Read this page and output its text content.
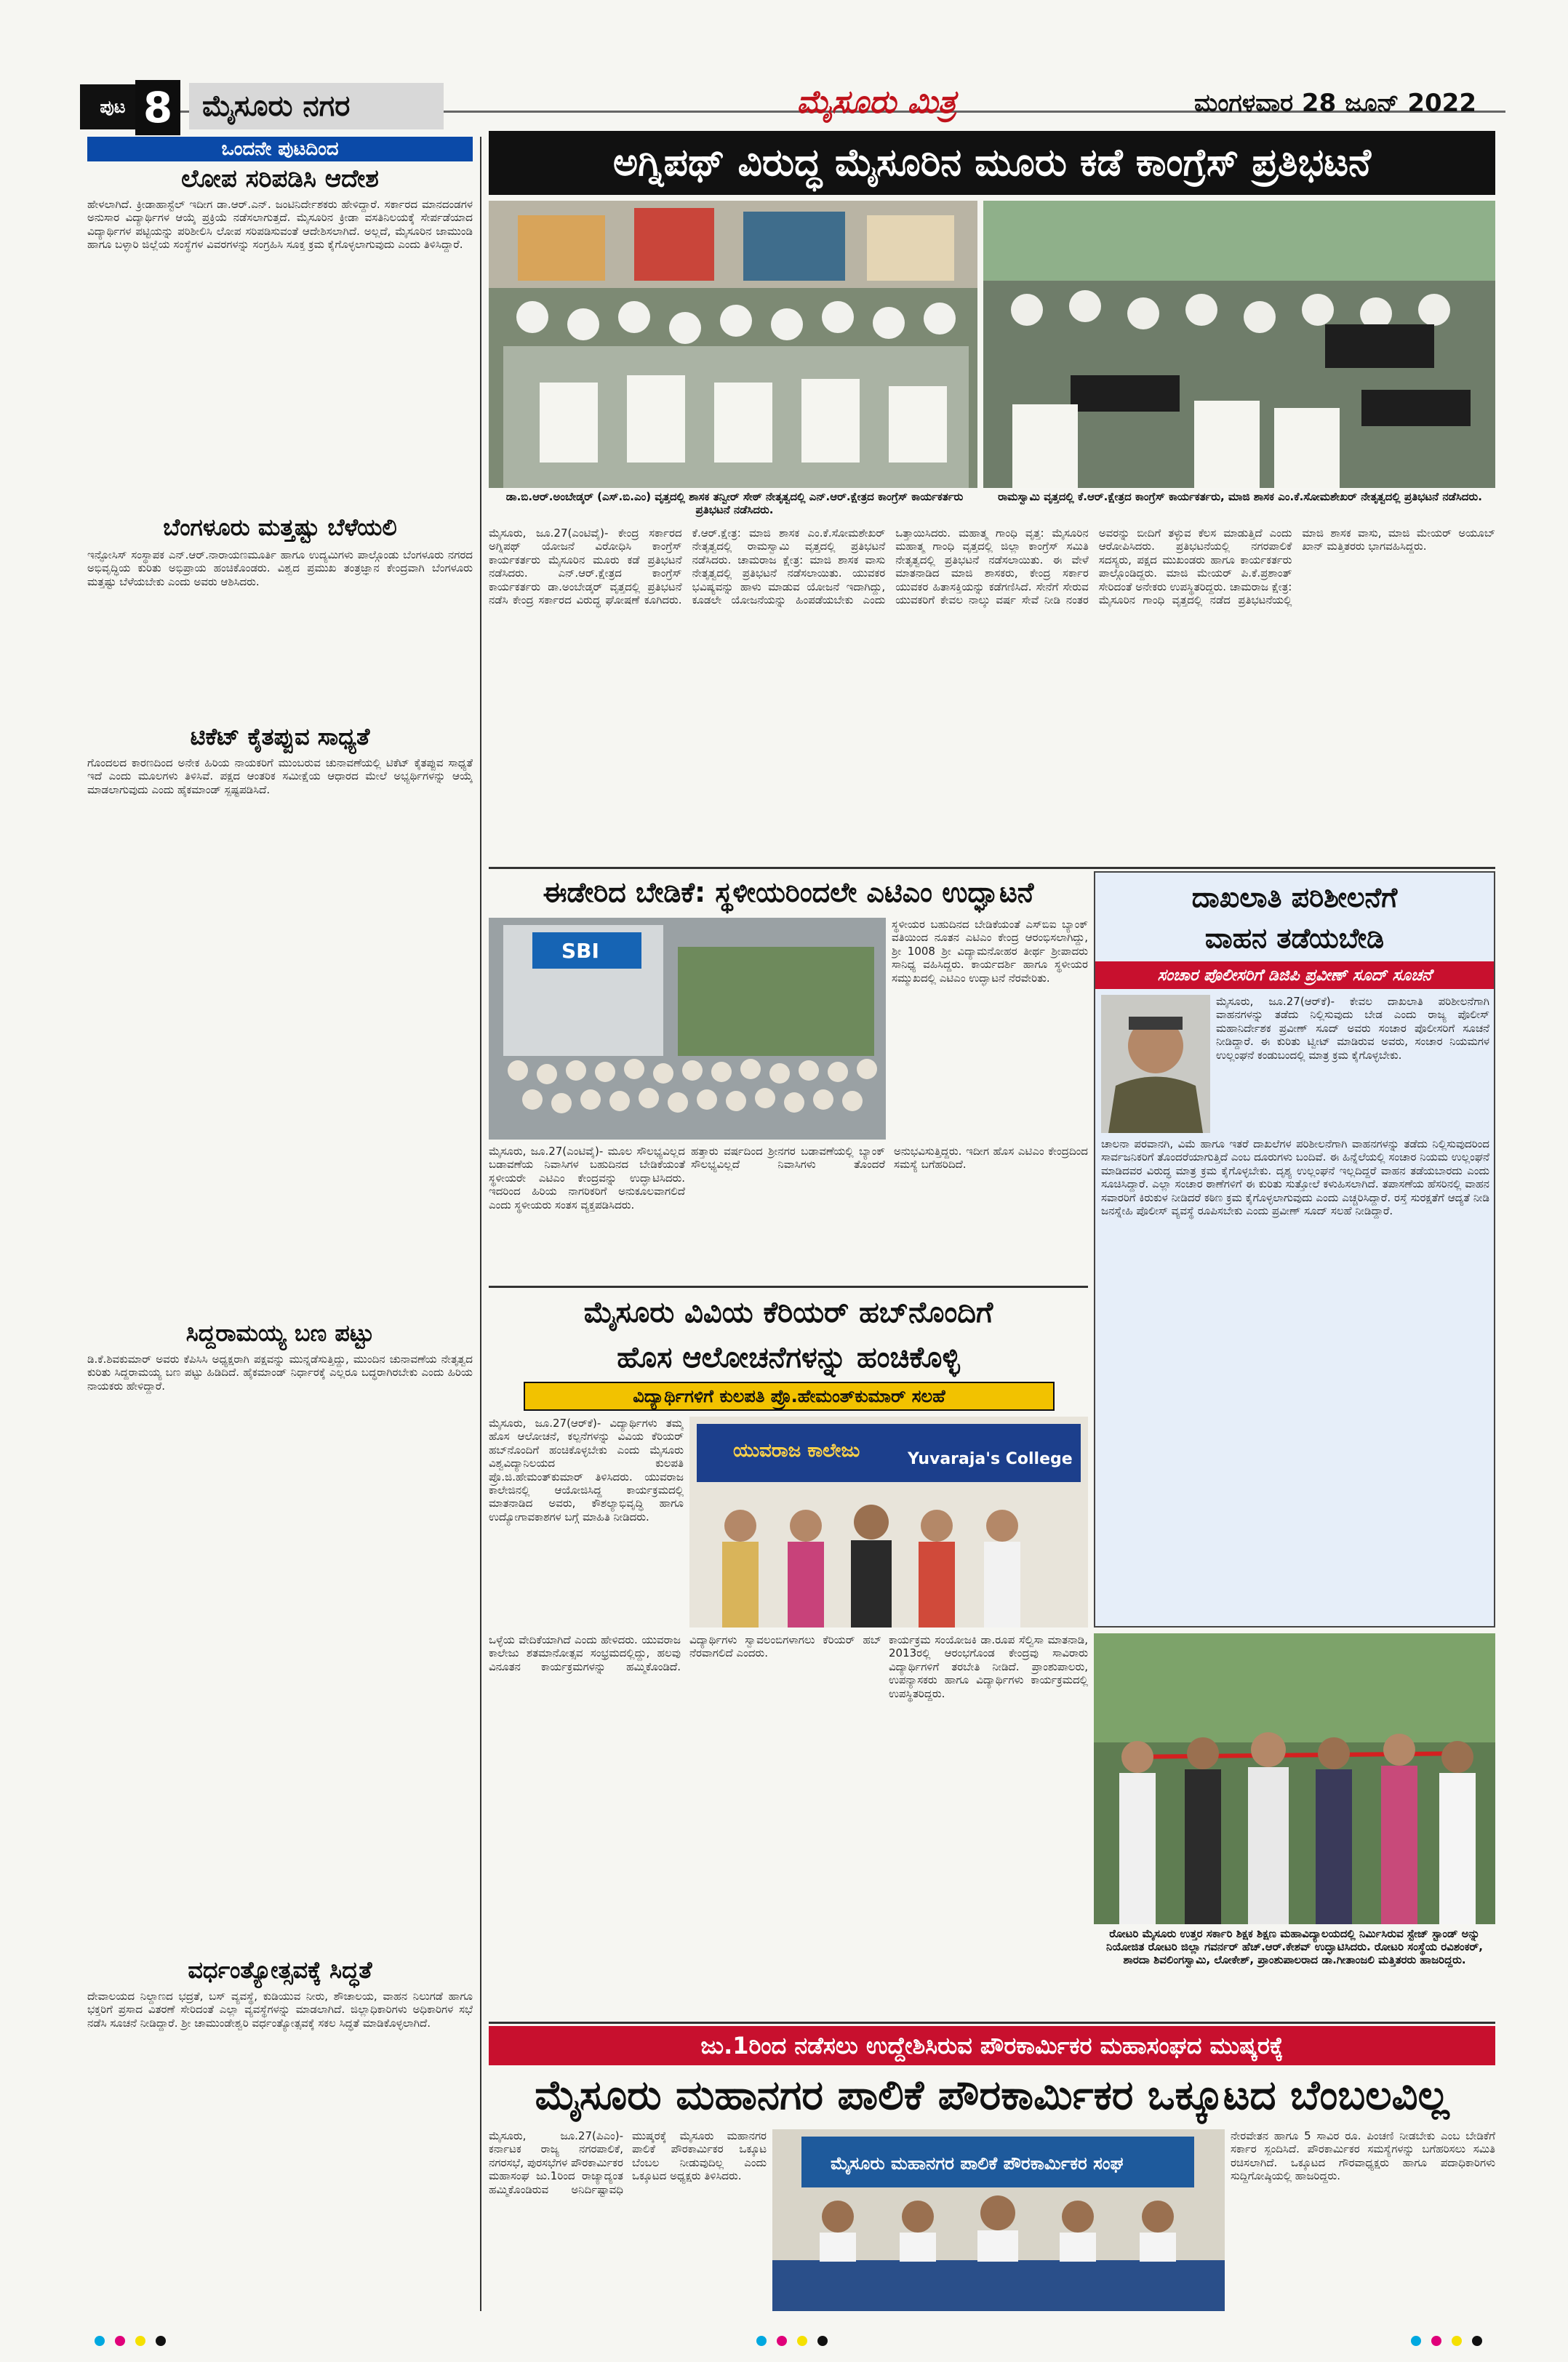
ಪುಟ 8	ಮೈಸೂರು ನಗರ	ಮೈಸೂರು ಮಿತ್ರ	ಮಂಗಳವಾರ 28 ಜೂನ್ 2022
ಒಂದನೇ ಪುಟದಿಂದ
ಲೋಪ ಸರಿಪಡಿಸಿ ಆದೇಶ
ಹೇಳಲಾಗಿದೆ. ಕ್ರೀಡಾಹಾಸ್ಟೆಲ್ ಇದೀಗ ಡಾ.ಆರ್.ಎನ್. ಜಂಟಿನಿರ್ದೇಶಕರು ಹೇಳಿದ್ದಾರೆ. ಸರ್ಕಾರದ ಮಾನದಂಡಗಳ ಅನುಸಾರ ವಿದ್ಯಾರ್ಥಿಗಳ ಆಯ್ಕೆ ಪ್ರಕ್ರಿಯೆ ನಡೆಸಲಾಗುತ್ತದೆ. ಮೈಸೂರಿನ ಕ್ರೀಡಾ ವಸತಿನಿಲಯಕ್ಕೆ ಸೇರ್ಪಡೆಯಾದ ವಿದ್ಯಾರ್ಥಿಗಳ ಪಟ್ಟಿಯನ್ನು ಪರಿಶೀಲಿಸಿ ಲೋಪ ಸರಿಪಡಿಸುವಂತೆ ಆದೇಶಿಸಲಾಗಿದೆ. ಅಲ್ಲದೆ, ಮೈಸೂರಿನ ಜಾಮುಂಡಿ ಹಾಗೂ ಬಳ್ಳಾರಿ ಜಿಲ್ಲೆಯ ಸಂಸ್ಥೆಗಳ ವಿವರಗಳನ್ನು ಸಂಗ್ರಹಿಸಿ ಸೂಕ್ತ ಕ್ರಮ ಕೈಗೊಳ್ಳಲಾಗುವುದು ಎಂದು ತಿಳಿಸಿದ್ದಾರೆ.
ಬೆಂಗಳೂರು ಮತ್ತಷ್ಟು ಬೆಳೆಯಲಿ
ಇನ್ಫೋಸಿಸ್ ಸಂಸ್ಥಾಪಕ ಎನ್.ಆರ್.ನಾರಾಯಣಮೂರ್ತಿ ಹಾಗೂ ಉದ್ಯಮಿಗಳು ಪಾಲ್ಗೊಂಡು ಬೆಂಗಳೂರು ನಗರದ ಅಭಿವೃದ್ಧಿಯ ಕುರಿತು ಅಭಿಪ್ರಾಯ ಹಂಚಿಕೊಂಡರು. ವಿಶ್ವದ ಪ್ರಮುಖ ತಂತ್ರಜ್ಞಾನ ಕೇಂದ್ರವಾಗಿ ಬೆಂಗಳೂರು ಮತ್ತಷ್ಟು ಬೆಳೆಯಬೇಕು ಎಂದು ಅವರು ಆಶಿಸಿದರು.
ಟಿಕೆಟ್ ಕೈತಪ್ಪುವ ಸಾಧ್ಯತೆ
ಗೊಂದಲದ ಕಾರಣದಿಂದ ಅನೇಕ ಹಿರಿಯ ನಾಯಕರಿಗೆ ಮುಂಬರುವ ಚುನಾವಣೆಯಲ್ಲಿ ಟಿಕೆಟ್ ಕೈತಪ್ಪುವ ಸಾಧ್ಯತೆ ಇದೆ ಎಂದು ಮೂಲಗಳು ತಿಳಿಸಿವೆ. ಪಕ್ಷದ ಆಂತರಿಕ ಸಮೀಕ್ಷೆಯ ಆಧಾರದ ಮೇಲೆ ಅಭ್ಯರ್ಥಿಗಳನ್ನು ಆಯ್ಕೆ ಮಾಡಲಾಗುವುದು ಎಂದು ಹೈಕಮಾಂಡ್ ಸ್ಪಷ್ಟಪಡಿಸಿದೆ.
ಸಿದ್ದರಾಮಯ್ಯ ಬಣ ಪಟ್ಟು
ಡಿ.ಕೆ.ಶಿವಕುಮಾರ್ ಅವರು ಕೆಪಿಸಿಸಿ ಅಧ್ಯಕ್ಷರಾಗಿ ಪಕ್ಷವನ್ನು ಮುನ್ನಡೆಸುತ್ತಿದ್ದು, ಮುಂದಿನ ಚುನಾವಣೆಯ ನೇತೃತ್ವದ ಕುರಿತು ಸಿದ್ದರಾಮಯ್ಯ ಬಣ ಪಟ್ಟು ಹಿಡಿದಿದೆ. ಹೈಕಮಾಂಡ್ ನಿರ್ಧಾರಕ್ಕೆ ಎಲ್ಲರೂ ಬದ್ಧರಾಗಿರಬೇಕು ಎಂದು ಹಿರಿಯ ನಾಯಕರು ಹೇಳಿದ್ದಾರೆ.
ವರ್ಧಂತ್ಯೋತ್ಸವಕ್ಕೆ ಸಿದ್ಧತೆ
ದೇವಾಲಯದ ನಿಲ್ದಾಣದ ಭದ್ರತೆ, ಬಸ್ ವ್ಯವಸ್ಥೆ, ಕುಡಿಯುವ ನೀರು, ಶೌಚಾಲಯ, ವಾಹನ ನಿಲುಗಡೆ ಹಾಗೂ ಭಕ್ತರಿಗೆ ಪ್ರಸಾದ ವಿತರಣೆ ಸೇರಿದಂತೆ ಎಲ್ಲಾ ವ್ಯವಸ್ಥೆಗಳನ್ನು ಮಾಡಲಾಗಿದೆ. ಜಿಲ್ಲಾಧಿಕಾರಿಗಳು ಅಧಿಕಾರಿಗಳ ಸಭೆ ನಡೆಸಿ ಸೂಚನೆ ನೀಡಿದ್ದಾರೆ. ಶ್ರೀ ಚಾಮುಂಡೇಶ್ವರಿ ವರ್ಧಂತ್ಯೋತ್ಸವಕ್ಕೆ ಸಕಲ ಸಿದ್ಧತೆ ಮಾಡಿಕೊಳ್ಳಲಾಗಿದೆ.
ಅಗ್ನಿಪಥ್ ವಿರುದ್ಧ ಮೈಸೂರಿನ ಮೂರು ಕಡೆ ಕಾಂಗ್ರೆಸ್ ಪ್ರತಿಭಟನೆ
ಡಾ.ಬಿ.ಆರ್.ಅಂಬೇಡ್ಕರ್ (ಎಸ್.ಬಿ.ಎಂ) ವೃತ್ತದಲ್ಲಿ ಶಾಸಕ ತನ್ವೀರ್ ಸೇಠ್ ನೇತೃತ್ವದಲ್ಲಿ ಎನ್.ಆರ್.ಕ್ಷೇತ್ರದ ಕಾಂಗ್ರೆಸ್ ಕಾರ್ಯಕರ್ತರು ಪ್ರತಿಭಟನೆ ನಡೆಸಿದರು.
ರಾಮಸ್ವಾಮಿ ವೃತ್ತದಲ್ಲಿ ಕೆ.ಆರ್.ಕ್ಷೇತ್ರದ ಕಾಂಗ್ರೆಸ್ ಕಾರ್ಯಕರ್ತರು, ಮಾಜಿ ಶಾಸಕ ಎಂ.ಕೆ.ಸೋಮಶೇಖರ್ ನೇತೃತ್ವದಲ್ಲಿ ಪ್ರತಿಭಟನೆ ನಡೆಸಿದರು.
ಮೈಸೂರು, ಜೂ.27(ಎಂಟಿವೈ)- ಕೇಂದ್ರ ಸರ್ಕಾರದ ಅಗ್ನಿಪಥ್ ಯೋಜನೆ ವಿರೋಧಿಸಿ ಕಾಂಗ್ರೆಸ್ ಕಾರ್ಯಕರ್ತರು ಮೈಸೂರಿನ ಮೂರು ಕಡೆ ಪ್ರತಿಭಟನೆ ನಡೆಸಿದರು. ಎನ್.ಆರ್.ಕ್ಷೇತ್ರದ ಕಾಂಗ್ರೆಸ್ ಕಾರ್ಯಕರ್ತರು ಡಾ.ಅಂಬೇಡ್ಕರ್ ವೃತ್ತದಲ್ಲಿ ಪ್ರತಿಭಟನೆ ನಡೆಸಿ ಕೇಂದ್ರ ಸರ್ಕಾರದ ವಿರುದ್ಧ ಘೋಷಣೆ ಕೂಗಿದರು. ಕೆ.ಆರ್.ಕ್ಷೇತ್ರ: ಮಾಜಿ ಶಾಸಕ ಎಂ.ಕೆ.ಸೋಮಶೇಖರ್ ನೇತೃತ್ವದಲ್ಲಿ ರಾಮಸ್ವಾಮಿ ವೃತ್ತದಲ್ಲಿ ಪ್ರತಿಭಟನೆ ನಡೆಸಿದರು. ಚಾಮರಾಜ ಕ್ಷೇತ್ರ: ಮಾಜಿ ಶಾಸಕ ವಾಸು ನೇತೃತ್ವದಲ್ಲಿ ಪ್ರತಿಭಟನೆ ನಡೆಸಲಾಯಿತು. ಯುವಕರ ಭವಿಷ್ಯವನ್ನು ಹಾಳು ಮಾಡುವ ಯೋಜನೆ ಇದಾಗಿದ್ದು, ಕೂಡಲೇ ಯೋಜನೆಯನ್ನು ಹಿಂಪಡೆಯಬೇಕು ಎಂದು ಒತ್ತಾಯಿಸಿದರು. ಮಹಾತ್ಮ ಗಾಂಧಿ ವೃತ್ತ: ಮೈಸೂರಿನ ಮಹಾತ್ಮ ಗಾಂಧಿ ವೃತ್ತದಲ್ಲಿ ಜಿಲ್ಲಾ ಕಾಂಗ್ರೆಸ್ ಸಮಿತಿ ನೇತೃತ್ವದಲ್ಲಿ ಪ್ರತಿಭಟನೆ ನಡೆಸಲಾಯಿತು. ಈ ವೇಳೆ ಮಾತನಾಡಿದ ಮಾಜಿ ಶಾಸಕರು, ಕೇಂದ್ರ ಸರ್ಕಾರ ಯುವಕರ ಹಿತಾಸಕ್ತಿಯನ್ನು ಕಡೆಗಣಿಸಿದೆ. ಸೇನೆಗೆ ಸೇರುವ ಯುವಕರಿಗೆ ಕೇವಲ ನಾಲ್ಕು ವರ್ಷ ಸೇವೆ ನೀಡಿ ನಂತರ ಅವರನ್ನು ಬೀದಿಗೆ ತಳ್ಳುವ ಕೆಲಸ ಮಾಡುತ್ತಿದೆ ಎಂದು ಆರೋಪಿಸಿದರು. ಪ್ರತಿಭಟನೆಯಲ್ಲಿ ನಗರಪಾಲಿಕೆ ಸದಸ್ಯರು, ಪಕ್ಷದ ಮುಖಂಡರು ಹಾಗೂ ಕಾರ್ಯಕರ್ತರು ಪಾಲ್ಗೊಂಡಿದ್ದರು. ಮಾಜಿ ಮೇಯರ್ ಪಿ.ಕೆ.ಪ್ರಶಾಂತ್ ಸೇರಿದಂತೆ ಅನೇಕರು ಉಪಸ್ಥಿತರಿದ್ದರು. ಚಾಮರಾಜ ಕ್ಷೇತ್ರ: ಮೈಸೂರಿನ ಗಾಂಧಿ ವೃತ್ತದಲ್ಲಿ ನಡೆದ ಪ್ರತಿಭಟನೆಯಲ್ಲಿ ಮಾಜಿ ಶಾಸಕ ವಾಸು, ಮಾಜಿ ಮೇಯರ್ ಅಯೂಬ್ ಖಾನ್ ಮತ್ತಿತರರು ಭಾಗವಹಿಸಿದ್ದರು.
ಈಡೇರಿದ ಬೇಡಿಕೆ: ಸ್ಥಳೀಯರಿಂದಲೇ ಎಟಿಎಂ ಉದ್ಘಾಟನೆ
SBI
ಸ್ಥಳೀಯರ ಬಹುದಿನದ ಬೇಡಿಕೆಯಂತೆ ಎಸ್‌ಬಿಐ ಬ್ಯಾಂಕ್ ವತಿಯಿಂದ ನೂತನ ಎಟಿಎಂ ಕೇಂದ್ರ ಆರಂಭಿಸಲಾಗಿದ್ದು, ಶ್ರೀ 1008 ಶ್ರೀ ವಿದ್ಯಾಮನೋಹರ ತೀರ್ಥ ಶ್ರೀಪಾದರು ಸಾನಿಧ್ಯ ವಹಿಸಿದ್ದರು. ಕಾರ್ಯದರ್ಶಿ ಹಾಗೂ ಸ್ಥಳೀಯರ ಸಮ್ಮುಖದಲ್ಲಿ ಎಟಿಎಂ ಉದ್ಘಾಟನೆ ನೆರವೇರಿತು.
ಮೈಸೂರು, ಜೂ.27(ಎಂಟಿವೈ)- ಮೂಲ ಸೌಲಭ್ಯವಿಲ್ಲದ ಬಡಾವಣೆಯ ನಿವಾಸಿಗಳ ಬಹುದಿನದ ಬೇಡಿಕೆಯಂತೆ ಸ್ಥಳೀಯರೇ ಎಟಿಎಂ ಕೇಂದ್ರವನ್ನು ಉದ್ಘಾಟಿಸಿದರು. ಇದರಿಂದ ಹಿರಿಯ ನಾಗರಿಕರಿಗೆ ಅನುಕೂಲವಾಗಲಿದೆ ಎಂದು ಸ್ಥಳೀಯರು ಸಂತಸ ವ್ಯಕ್ತಪಡಿಸಿದರು.
ಹತ್ತಾರು ವರ್ಷದಿಂದ ಶ್ರೀನಗರ ಬಡಾವಣೆಯಲ್ಲಿ ಬ್ಯಾಂಕ್ ಸೌಲಭ್ಯವಿಲ್ಲದೆ ನಿವಾಸಿಗಳು ತೊಂದರೆ ಅನುಭವಿಸುತ್ತಿದ್ದರು. ಇದೀಗ ಹೊಸ ಎಟಿಎಂ ಕೇಂದ್ರದಿಂದ ಸಮಸ್ಯೆ ಬಗೆಹರಿದಿದೆ.
ದಾಖಲಾತಿ ಪರಿಶೀಲನೆಗೆ
ವಾಹನ ತಡೆಯಬೇಡಿ
ಸಂಚಾರ ಪೊಲೀಸರಿಗೆ ಡಿಜಿಪಿ ಪ್ರವೀಣ್ ಸೂದ್ ಸೂಚನೆ
ಮೈಸೂರು, ಜೂ.27(ಆರ್‌ಕೆ)- ಕೇವಲ ದಾಖಲಾತಿ ಪರಿಶೀಲನೆಗಾಗಿ ವಾಹನಗಳನ್ನು ತಡೆದು ನಿಲ್ಲಿಸುವುದು ಬೇಡ ಎಂದು ರಾಜ್ಯ ಪೊಲೀಸ್ ಮಹಾನಿರ್ದೇಶಕ ಪ್ರವೀಣ್ ಸೂದ್ ಅವರು ಸಂಚಾರ ಪೊಲೀಸರಿಗೆ ಸೂಚನೆ ನೀಡಿದ್ದಾರೆ. ಈ ಕುರಿತು ಟ್ವೀಟ್ ಮಾಡಿರುವ ಅವರು, ಸಂಚಾರ ನಿಯಮಗಳ ಉಲ್ಲಂಘನೆ ಕಂಡುಬಂದಲ್ಲಿ ಮಾತ್ರ ಕ್ರಮ ಕೈಗೊಳ್ಳಬೇಕು.
ಚಾಲನಾ ಪರವಾನಗಿ, ವಿಮೆ ಹಾಗೂ ಇತರೆ ದಾಖಲೆಗಳ ಪರಿಶೀಲನೆಗಾಗಿ ವಾಹನಗಳನ್ನು ತಡೆದು ನಿಲ್ಲಿಸುವುದರಿಂದ ಸಾರ್ವಜನಿಕರಿಗೆ ತೊಂದರೆಯಾಗುತ್ತಿದೆ ಎಂಬ ದೂರುಗಳು ಬಂದಿವೆ. ಈ ಹಿನ್ನೆಲೆಯಲ್ಲಿ ಸಂಚಾರ ನಿಯಮ ಉಲ್ಲಂಘನೆ ಮಾಡಿದವರ ವಿರುದ್ಧ ಮಾತ್ರ ಕ್ರಮ ಕೈಗೊಳ್ಳಬೇಕು. ದೃಶ್ಯ ಉಲ್ಲಂಘನೆ ಇಲ್ಲದಿದ್ದರೆ ವಾಹನ ತಡೆಯಬಾರದು ಎಂದು ಸೂಚಿಸಿದ್ದಾರೆ. ಎಲ್ಲಾ ಸಂಚಾರ ಠಾಣೆಗಳಿಗೆ ಈ ಕುರಿತು ಸುತ್ತೋಲೆ ಕಳುಹಿಸಲಾಗಿದೆ. ತಪಾಸಣೆಯ ಹೆಸರಿನಲ್ಲಿ ವಾಹನ ಸವಾರರಿಗೆ ಕಿರುಕುಳ ನೀಡಿದರೆ ಕಠಿಣ ಕ್ರಮ ಕೈಗೊಳ್ಳಲಾಗುವುದು ಎಂದು ಎಚ್ಚರಿಸಿದ್ದಾರೆ. ರಸ್ತೆ ಸುರಕ್ಷತೆಗೆ ಆದ್ಯತೆ ನೀಡಿ ಜನಸ್ನೇಹಿ ಪೊಲೀಸ್ ವ್ಯವಸ್ಥೆ ರೂಪಿಸಬೇಕು ಎಂದು ಪ್ರವೀಣ್ ಸೂದ್ ಸಲಹೆ ನೀಡಿದ್ದಾರೆ.
ಮೈಸೂರು ವಿವಿಯ ಕೆರಿಯರ್ ಹಬ್‌ನೊಂದಿಗೆ
ಹೊಸ ಆಲೋಚನೆಗಳನ್ನು ಹಂಚಿಕೊಳ್ಳಿ
ವಿದ್ಯಾರ್ಥಿಗಳಿಗೆ ಕುಲಪತಿ ಪ್ರೊ.ಹೇಮಂತ್‌ಕುಮಾರ್ ಸಲಹೆ
ಮೈಸೂರು, ಜೂ.27(ಆರ್‌ಕೆ)- ವಿದ್ಯಾರ್ಥಿಗಳು ತಮ್ಮ ಹೊಸ ಆಲೋಚನೆ, ಕಲ್ಪನೆಗಳನ್ನು ವಿವಿಯ ಕೆರಿಯರ್ ಹಬ್‌ನೊಂದಿಗೆ ಹಂಚಿಕೊಳ್ಳಬೇಕು ಎಂದು ಮೈಸೂರು ವಿಶ್ವವಿದ್ಯಾನಿಲಯದ ಕುಲಪತಿ ಪ್ರೊ.ಜಿ.ಹೇಮಂತ್‌ಕುಮಾರ್ ತಿಳಿಸಿದರು. ಯುವರಾಜ ಕಾಲೇಜಿನಲ್ಲಿ ಆಯೋಜಿಸಿದ್ದ ಕಾರ್ಯಕ್ರಮದಲ್ಲಿ ಮಾತನಾಡಿದ ಅವರು, ಕೌಶಲ್ಯಾಭಿವೃದ್ಧಿ ಹಾಗೂ ಉದ್ಯೋಗಾವಕಾಶಗಳ ಬಗ್ಗೆ ಮಾಹಿತಿ ನೀಡಿದರು.
ಯುವರಾಜ ಕಾಲೇಜು	Yuvaraja's College
ಒಳ್ಳೆಯ ವೇದಿಕೆಯಾಗಿದೆ ಎಂದು ಹೇಳಿದರು. ಯುವರಾಜ ಕಾಲೇಜು ಶತಮಾನೋತ್ಸವ ಸಂಭ್ರಮದಲ್ಲಿದ್ದು, ಹಲವು ವಿನೂತನ ಕಾರ್ಯಕ್ರಮಗಳನ್ನು ಹಮ್ಮಿಕೊಂಡಿದೆ. ವಿದ್ಯಾರ್ಥಿಗಳು ಸ್ವಾವಲಂಬಿಗಳಾಗಲು ಕೆರಿಯರ್ ಹಬ್ ನೆರವಾಗಲಿದೆ ಎಂದರು.
ಕಾರ್ಯಕ್ರಮ ಸಂಯೋಜಕಿ ಡಾ.ರೂಪ ಸೆಲ್ವಿಸಾ ಮಾತನಾಡಿ, 2013ರಲ್ಲಿ ಆರಂಭಗೊಂಡ ಕೇಂದ್ರವು ಸಾವಿರಾರು ವಿದ್ಯಾರ್ಥಿಗಳಿಗೆ ತರಬೇತಿ ನೀಡಿದೆ. ಪ್ರಾಂಶುಪಾಲರು, ಉಪನ್ಯಾಸಕರು ಹಾಗೂ ವಿದ್ಯಾರ್ಥಿಗಳು ಕಾರ್ಯಕ್ರಮದಲ್ಲಿ ಉಪಸ್ಥಿತರಿದ್ದರು.
ರೋಟರಿ ಮೈಸೂರು ಉತ್ತರ ಸರ್ಕಾರಿ ಶಿಕ್ಷಕ ಶಿಕ್ಷಣ ಮಹಾವಿದ್ಯಾಲಯದಲ್ಲಿ ನಿರ್ಮಿಸಿರುವ ಸ್ಟೇಜ್ ಸ್ಟಾಂಡ್ ಅನ್ನು ನಿಯೋಜಿತ ರೋಟರಿ ಜಿಲ್ಲಾ ಗವರ್ನರ್ ಹೆಚ್.ಆರ್.ಕೇಶವ್ ಉದ್ಘಾಟಿಸಿದರು. ರೋಟರಿ ಸಂಸ್ಥೆಯ ರವಿಶಂಕರ್, ಶಾರದಾ ಶಿವಲಿಂಗಸ್ವಾಮಿ, ಲೋಕೇಶ್, ಪ್ರಾಂಶುಪಾಲರಾದ ಡಾ.ಗೀತಾಂಜಲಿ ಮತ್ತಿತರರು ಹಾಜರಿದ್ದರು.
ಜು.1ರಿಂದ ನಡೆಸಲು ಉದ್ದೇಶಿಸಿರುವ ಪೌರಕಾರ್ಮಿಕರ ಮಹಾಸಂಘದ ಮುಷ್ಕರಕ್ಕೆ
ಮೈಸೂರು ಮಹಾನಗರ ಪಾಲಿಕೆ ಪೌರಕಾರ್ಮಿಕರ ಒಕ್ಕೂಟದ ಬೆಂಬಲವಿಲ್ಲ
ಮೈಸೂರು, ಜೂ.27(ಪಿಎಂ)- ಕರ್ನಾಟಕ ರಾಜ್ಯ ನಗರಪಾಲಿಕೆ, ನಗರಸಭೆ, ಪುರಸಭೆಗಳ ಪೌರಕಾರ್ಮಿಕರ ಮಹಾಸಂಘ ಜು.1ರಿಂದ ರಾಜ್ಯಾದ್ಯಂತ ಹಮ್ಮಿಕೊಂಡಿರುವ ಅನಿರ್ದಿಷ್ಟಾವಧಿ ಮುಷ್ಕರಕ್ಕೆ ಮೈಸೂರು ಮಹಾನಗರ ಪಾಲಿಕೆ ಪೌರಕಾರ್ಮಿಕರ ಒಕ್ಕೂಟ ಬೆಂಬಲ ನೀಡುವುದಿಲ್ಲ ಎಂದು ಒಕ್ಕೂಟದ ಅಧ್ಯಕ್ಷರು ತಿಳಿಸಿದರು.
ಮೈಸೂರು ಮಹಾನಗರ ಪಾಲಿಕೆ ಪೌರಕಾರ್ಮಿಕರ ಸಂಘ
ನೇರವೇತನ ಹಾಗೂ 5 ಸಾವಿರ ರೂ. ಪಿಂಚಣಿ ನೀಡಬೇಕು ಎಂಬ ಬೇಡಿಕೆಗೆ ಸರ್ಕಾರ ಸ್ಪಂದಿಸಿದೆ. ಪೌರಕಾರ್ಮಿಕರ ಸಮಸ್ಯೆಗಳನ್ನು ಬಗೆಹರಿಸಲು ಸಮಿತಿ ರಚಿಸಲಾಗಿದೆ. ಒಕ್ಕೂಟದ ಗೌರವಾಧ್ಯಕ್ಷರು ಹಾಗೂ ಪದಾಧಿಕಾರಿಗಳು ಸುದ್ದಿಗೋಷ್ಠಿಯಲ್ಲಿ ಹಾಜರಿದ್ದರು.
